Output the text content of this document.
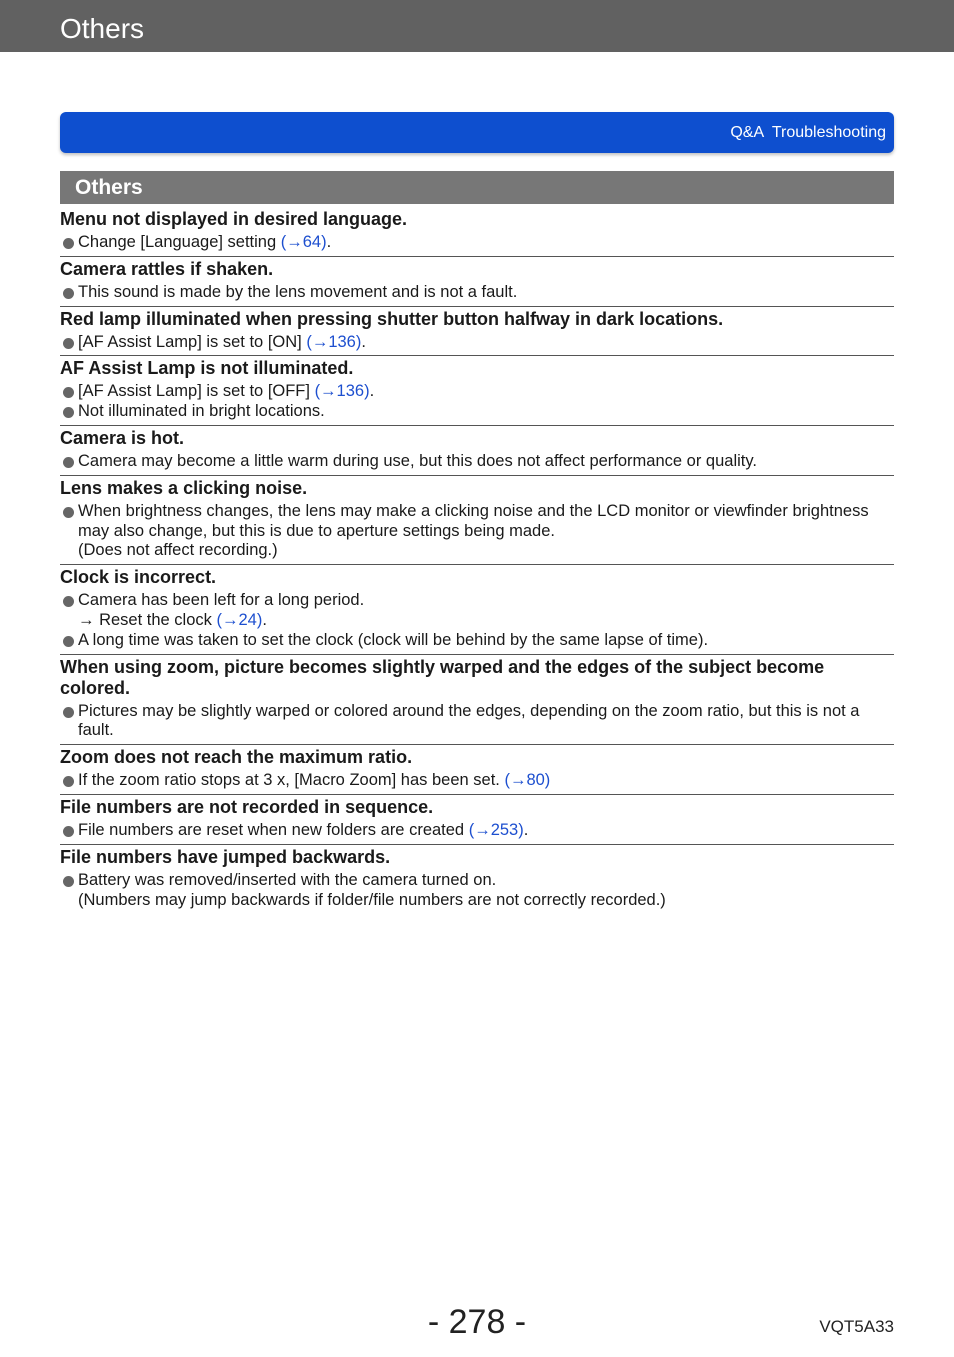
Others
Q&A  Troubleshooting
Others

Menu not displayed in desired language.

Change [Language] setting (→64).

Camera rattles if shaken.

This sound is made by the lens movement and is not a fault.

Red lamp illuminated when pressing shutter button halfway in dark locations.

[AF Assist Lamp] is set to [ON] (→136).

AF Assist Lamp is not illuminated.

[AF Assist Lamp] is set to [OFF] (→136).

Not illuminated in bright locations.

Camera is hot.

Camera may become a little warm during use, but this does not affect performance or quality.

Lens makes a clicking noise.

When brightness changes, the lens may make a clicking noise and the LCD monitor or viewfinder brightness may also change, but this is due to aperture settings being made.

(Does not affect recording.)

Clock is incorrect.

Camera has been left for a long period.

→ Reset the clock (→24).

A long time was taken to set the clock (clock will be behind by the same lapse of time).

When using zoom, picture becomes slightly warped and the edges of the subject become colored.

Pictures may be slightly warped or colored around the edges, depending on the zoom ratio, but this is not a fault.

Zoom does not reach the maximum ratio.

If the zoom ratio stops at 3 x, [Macro Zoom] has been set. (→80)

File numbers are not recorded in sequence.

File numbers are reset when new folders are created (→253).

File numbers have jumped backwards.

Battery was removed/inserted with the camera turned on.

(Numbers may jump backwards if folder/file numbers are not correctly recorded.)

- 278 -	VQT5A33
